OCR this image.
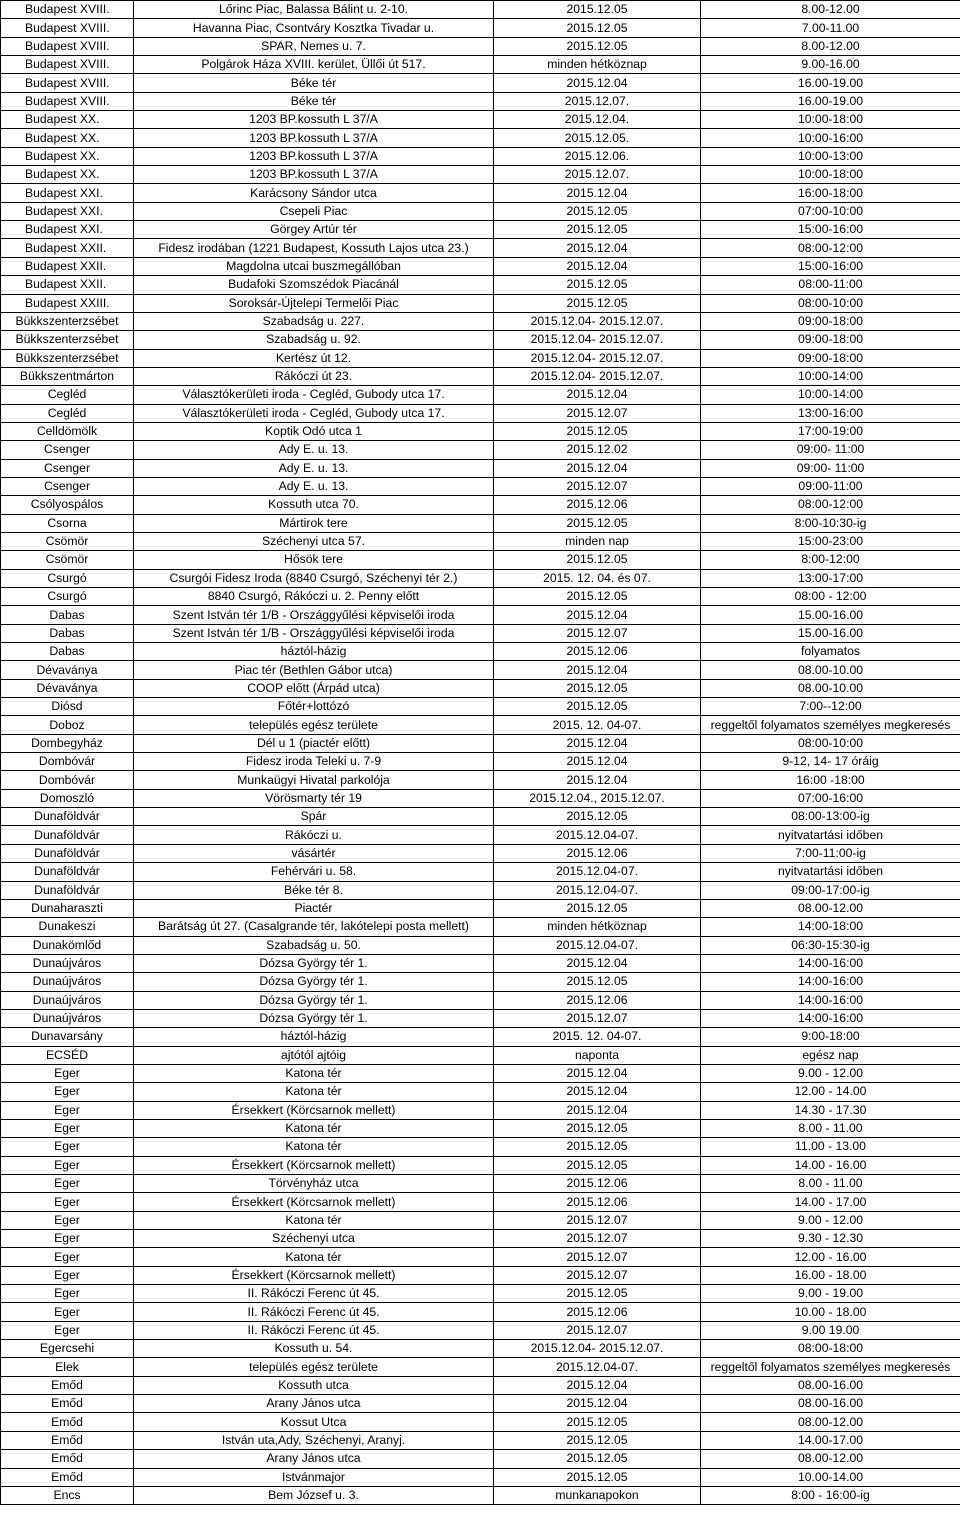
Budapest XVIII.	Lőrinc Piac, Balassa Bálint u. 2-10.	2015.12.05	8.00-12.00
Budapest XVIII.	Havanna Piac, Csontváry Kosztka Tivadar u.	2015.12.05	7.00-11.00
Budapest XVIII.	SPAR, Nemes u. 7.	2015.12.05	8.00-12.00
Budapest XVIII.	Polgárok Háza XVIII. kerület, Üllői út 517.	minden hétköznap	9.00-16.00
Budapest XVIII.	Béke tér	2015.12.04	16.00-19.00
Budapest XVIII.	Béke tér	2015.12.07.	16.00-19.00
Budapest XX.	1203 BP.kossuth L 37/A	2015.12.04.	10:00-18:00
Budapest XX.	1203 BP.kossuth L 37/A	2015.12.05.	10:00-16:00
Budapest XX.	1203 BP.kossuth L 37/A	2015.12.06.	10:00-13:00
Budapest XX.	1203 BP.kossuth L 37/A	2015.12.07.	10:00-18:00
Budapest XXI.	Karácsony Sándor utca	2015.12.04	16:00-18:00
Budapest XXI.	Csepeli Piac	2015.12.05	07:00-10:00
Budapest XXI.	Görgey Artúr tér	2015.12.05	15:00-16:00
Budapest XXII.	Fidesz irodában (1221 Budapest, Kossuth Lajos utca 23.)	2015.12.04	08:00-12:00
Budapest XXII.	Magdolna utcai buszmegállóban	2015.12.04	15:00-16:00
Budapest XXII.	Budafoki Szomszédok Piacánál	2015.12.05	08:00-11:00
Budapest XXIII.	Soroksár-Újtelepi Termelői Piac	2015.12.05	08:00-10:00
Bükkszenterzsébet	Szabadság u. 227.	2015.12.04- 2015.12.07.	09:00-18:00
Bükkszenterzsébet	Szabadság u. 92.	2015.12.04- 2015.12.07.	09:00-18:00
Bükkszenterzsébet	Kertész út 12.	2015.12.04- 2015.12.07.	09:00-18:00
Bükkszentmárton	Rákóczi út 23.	2015.12.04- 2015.12.07.	10:00-14:00
Cegléd	Választókerületi iroda - Cegléd, Gubody utca 17.	2015.12.04	10:00-14:00
Cegléd	Választókerületi iroda - Cegléd, Gubody utca 17.	2015.12.07	13:00-16:00
Celldömölk	Koptik Odó utca 1	2015.12.05	17:00-19:00
Csenger	Ady E. u. 13.	2015.12.02	09:00- 11:00
Csenger	Ady E. u. 13.	2015.12.04	09:00- 11:00
Csenger	Ady E. u. 13.	2015.12.07	09:00-11:00
Csólyospálos	Kossuth utca 70.	2015.12.06	08:00-12:00
Csorna	Mártirok tere	2015.12.05	8:00-10:30-ig
Csömör	Széchenyi utca 57.	minden nap	15:00-23:00
Csömör	Hősök tere	2015.12.05	8:00-12:00
Csurgó	Csurgói Fidesz Iroda (8840 Csurgó, Széchenyi tér 2.)	2015. 12. 04. és 07.	13:00-17:00
Csurgó	8840 Csurgó, Rákóczi u. 2. Penny előtt	2015.12.05	08:00 - 12:00
Dabas	Szent István tér 1/B - Országgyűlési képviselői iroda	2015.12.04	15.00-16.00
Dabas	Szent István tér 1/B - Országgyűlési képviselői iroda	2015.12.07	15.00-16.00
Dabas	háztól-házig	2015.12.06	folyamatos
Dévaványa	Piac tér (Bethlen Gábor utca)	2015.12.04	08.00-10.00
Dévaványa	COOP előtt (Árpád utca)	2015.12.05	08.00-10.00
Diósd	Főtér+lottózó	2015.12.05	7:00--12:00
Doboz	település egész területe	2015. 12. 04-07.	reggeltől folyamatos személyes megkeresés
Dombegyház	Dél u 1 (piactér előtt)	2015.12.04	08:00-10:00
Dombóvár	Fidesz iroda Teleki u. 7-9	2015.12.04	9-12, 14- 17 óráig
Dombóvár	Munkaügyi Hivatal parkolója	2015.12.04	16:00 -18:00
Domoszló	Vörösmarty tér 19	2015.12.04., 2015.12.07.	07:00-16:00
Dunaföldvár	Spár	2015.12.05	08:00-13:00-ig
Dunaföldvár	Rákóczi u.	2015.12.04-07.	nyitvatartási időben
Dunaföldvár	vásártér	2015.12.06	7:00-11:00-ig
Dunaföldvár	Fehérvári u. 58.	2015.12.04-07.	nyitvatartási időben
Dunaföldvár	Béke tér 8.	2015.12.04-07.	09:00-17:00-ig
Dunaharaszti	Piactér	2015.12.05	08.00-12.00
Dunakeszi	Barátság út 27. (Casalgrande tér, lakótelepi posta mellett)	minden hétköznap	14:00-18:00
Dunakömlőd	Szabadság u. 50.	2015.12.04-07.	06:30-15:30-ig
Dunaújváros	Dózsa György tér 1.	2015.12.04	14:00-16:00
Dunaújváros	Dózsa György tér 1.	2015.12.05	14:00-16:00
Dunaújváros	Dózsa György tér 1.	2015.12.06	14:00-16:00
Dunaújváros	Dózsa György tér 1.	2015.12.07	14:00-16:00
Dunavarsány	háztól-házig	2015. 12. 04-07.	9:00-18:00
ECSÉD	ajtótól ajtóig	naponta	egész nap
Eger	Katona tér	2015.12.04	9.00 - 12.00
Eger	Katona tér	2015.12.04	12.00 - 14.00
Eger	Érsekkert (Körcsarnok mellett)	2015.12.04	14.30 - 17.30
Eger	Katona tér	2015.12.05	8.00 - 11.00
Eger	Katona tér	2015.12.05	11.00 - 13.00
Eger	Érsekkert (Körcsarnok mellett)	2015.12.05	14.00 - 16.00
Eger	Törvényház utca	2015.12.06	8.00 - 11.00
Eger	Érsekkert (Körcsarnok mellett)	2015.12.06	14.00 - 17.00
Eger	Katona tér	2015.12.07	9.00 - 12.00
Eger	Széchenyi utca	2015.12.07	9.30 - 12.30
Eger	Katona tér	2015.12.07	12.00 - 16.00
Eger	Érsekkert (Körcsarnok mellett)	2015.12.07	16.00 - 18.00
Eger	II. Rákóczi Ferenc út 45.	2015.12.05	9.00 - 19.00
Eger	II. Rákóczi Ferenc út 45.	2015.12.06	10.00 - 18.00
Eger	II. Rákóczi Ferenc út 45.	2015.12.07	9.00 19.00
Egercsehi	Kossuth u. 54.	2015.12.04- 2015.12.07.	08:00-18:00
Elek	település egész területe	2015.12.04-07.	reggeltől folyamatos személyes megkeresés
Emőd	Kossuth utca	2015.12.04	08.00-16.00
Emőd	Arany János utca	2015.12.04	08.00-16.00
Emőd	Kossut Utca	2015.12.05	08.00-12.00
Emőd	István uta,Ady, Széchenyi, Aranyj.	2015.12.05	14.00-17.00
Emőd	Arany János utca	2015.12.05	08.00-12.00
Emőd	Istvánmajor	2015.12.05	10.00-14.00
Encs	Bem József u. 3.	munkanapokon	8:00 - 16:00-ig
